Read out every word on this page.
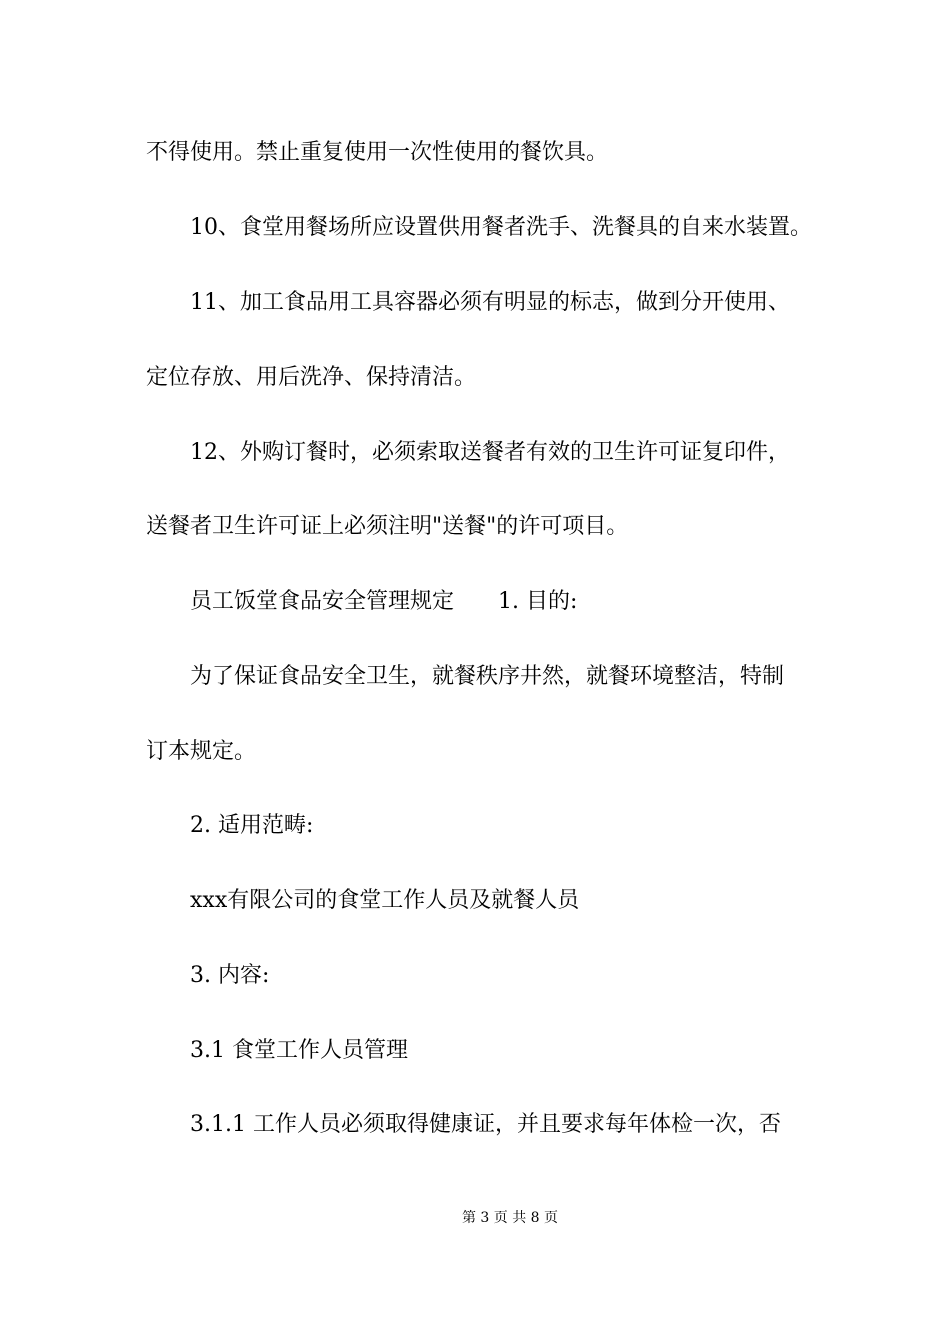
不得使用。禁止重复使用一次性使用的餐饮具。
10、食堂用餐场所应设置供用餐者洗手、洗餐具的自来水装置。
11、加工食品用工具容器必须有明显的标志，做到分开使用、
定位存放、用后洗净、保持清洁。
12、外购订餐时，必须索取送餐者有效的卫生许可证复印件，
送餐者卫生许可证上必须注明"送餐"的许可项目。
员工饭堂食品安全管理规定 1. 目的:
为了保证食品安全卫生，就餐秩序井然，就餐环境整洁，特制
订本规定。
2. 适用范畴:
xxx有限公司的食堂工作人员及就餐人员
3. 内容:
3.1 食堂工作人员管理
3.1.1 工作人员必须取得健康证，并且要求每年体检一次，否
第 3 页 共 8 页
